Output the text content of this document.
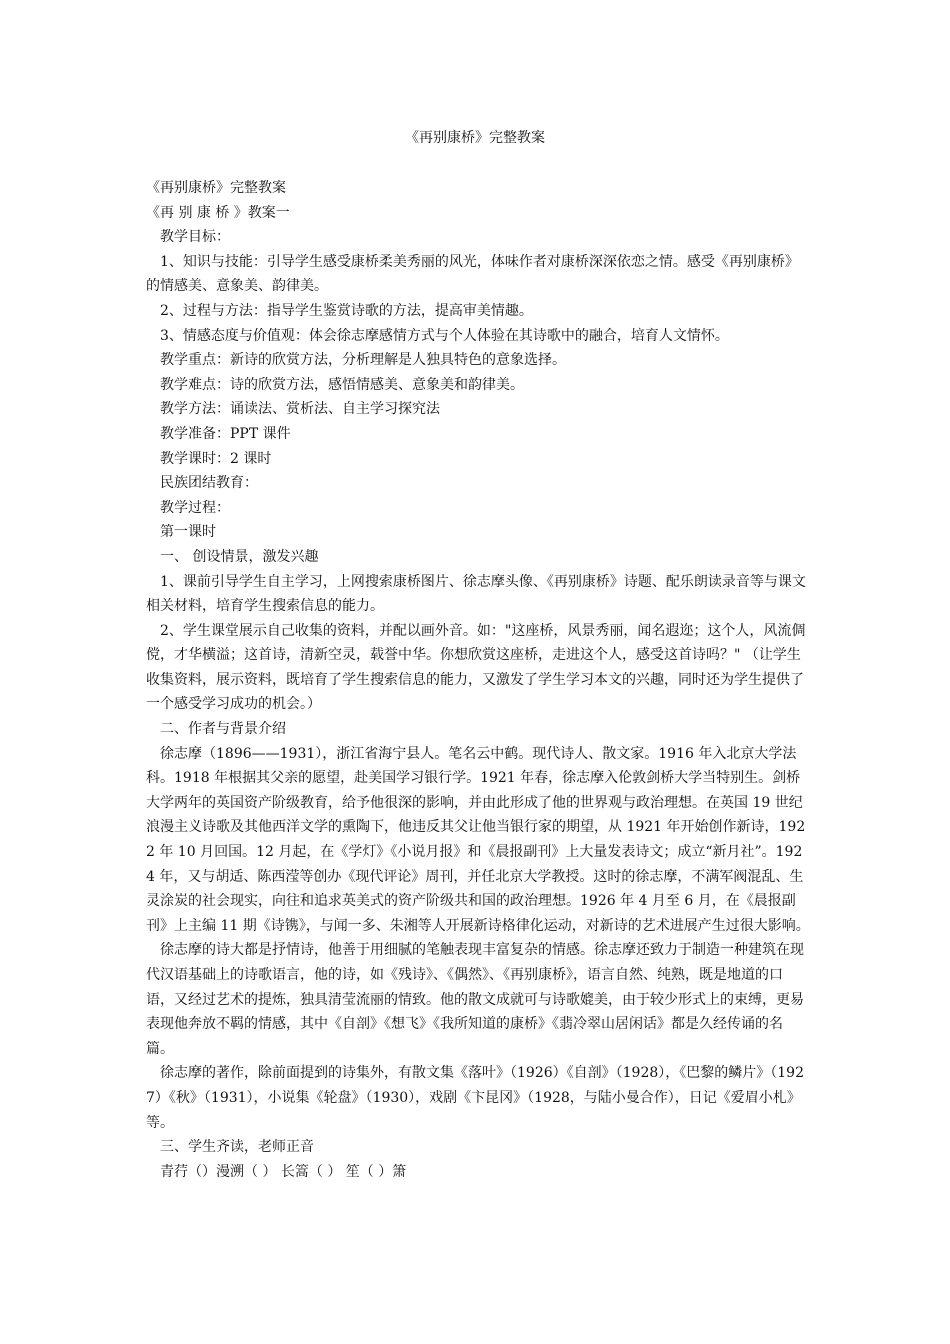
《再别康桥》完整教案

《再别康桥》完整教案

《再 别 康 桥 》教案一

教学目标：

1、知识与技能：引导学生感受康桥柔美秀丽的风光，体味作者对康桥深深依恋之情。感受《再别康桥》的情感美、意象美、韵律美。

2、过程与方法：指导学生鉴赏诗歌的方法，提高审美情趣。

3、情感态度与价值观：体会徐志摩感情方式与个人体验在其诗歌中的融合，培育人文情怀。

教学重点：新诗的欣赏方法，分析理解是人独具特色的意象选择。

教学难点：诗的欣赏方法，感悟情感美、意象美和韵律美。

教学方法：诵读法、赏析法、自主学习探究法

教学准备：PPT 课件

教学课时：2 课时

民族团结教育：

教学过程：

第一课时

一、 创设情景，激发兴趣

1、课前引导学生自主学习，上网搜索康桥图片、徐志摩头像、《再别康桥》诗题、配乐朗读录音等与课文相关材料，培育学生搜索信息的能力。

2、学生课堂展示自己收集的资料，并配以画外音。如："这座桥，风景秀丽，闻名遐迩；这个人，风流倜傥，才华横溢；这首诗，清新空灵，载誉中华。你想欣赏这座桥，走进这个人，感受这首诗吗？" （让学生收集资料，展示资料，既培育了学生搜索信息的能力，又激发了学生学习本文的兴趣，同时还为学生提供了一个感受学习成功的机会。）

二、作者与背景介绍

徐志摩（1896——1931），浙江省海宁县人。笔名云中鹤。现代诗人、散文家。1916 年入北京大学法科。1918 年根据其父亲的愿望，赴美国学习银行学。1921 年春，徐志摩入伦敦剑桥大学当特别生。剑桥大学两年的英国资产阶级教育，给予他很深的影响，并由此形成了他的世界观与政治理想。在英国 19 世纪浪漫主义诗歌及其他西洋文学的熏陶下，他违反其父让他当银行家的期望，从 1921 年开始创作新诗，1922 年 10 月回国。12 月起，在《学灯》《小说月报》和《晨报副刊》上大量发表诗文；成立“新月社”。1924 年，又与胡适、陈西滢等创办《现代评论》周刊，并任北京大学教授。这时的徐志摩，不满军阀混乱、生灵涂炭的社会现实，向往和追求英美式的资产阶级共和国的政治理想。1926 年 4 月至 6 月，在《晨报副刊》上主编 11 期《诗镌》，与闻一多、朱湘等人开展新诗格律化运动，对新诗的艺术进展产生过很大影响。

徐志摩的诗大都是抒情诗，他善于用细腻的笔触表现丰富复杂的情感。徐志摩还致力于制造一种建筑在现代汉语基础上的诗歌语言，他的诗，如《残诗》、《偶然》、《再别康桥》，语言自然、纯熟，既是地道的口语，又经过艺术的提炼，独具清莹流丽的情致。他的散文成就可与诗歌媲美，由于较少形式上的束缚，更易表现他奔放不羁的情感，其中《自剖》《想飞》《我所知道的康桥》《翡冷翠山居闲话》都是久经传诵的名篇。

徐志摩的著作，除前面提到的诗集外，有散文集《落叶》（1926）《自剖》（1928），《巴黎的鳞片》（1927）《秋》（1931），小说集《轮盘》（1930），戏剧《卞昆冈》（1928，与陆小曼合作），日记《爱眉小札》等。

三、学生齐读，老师正音

青荇（）漫溯（ ） 长篙（ ） 笙（ ）箫
